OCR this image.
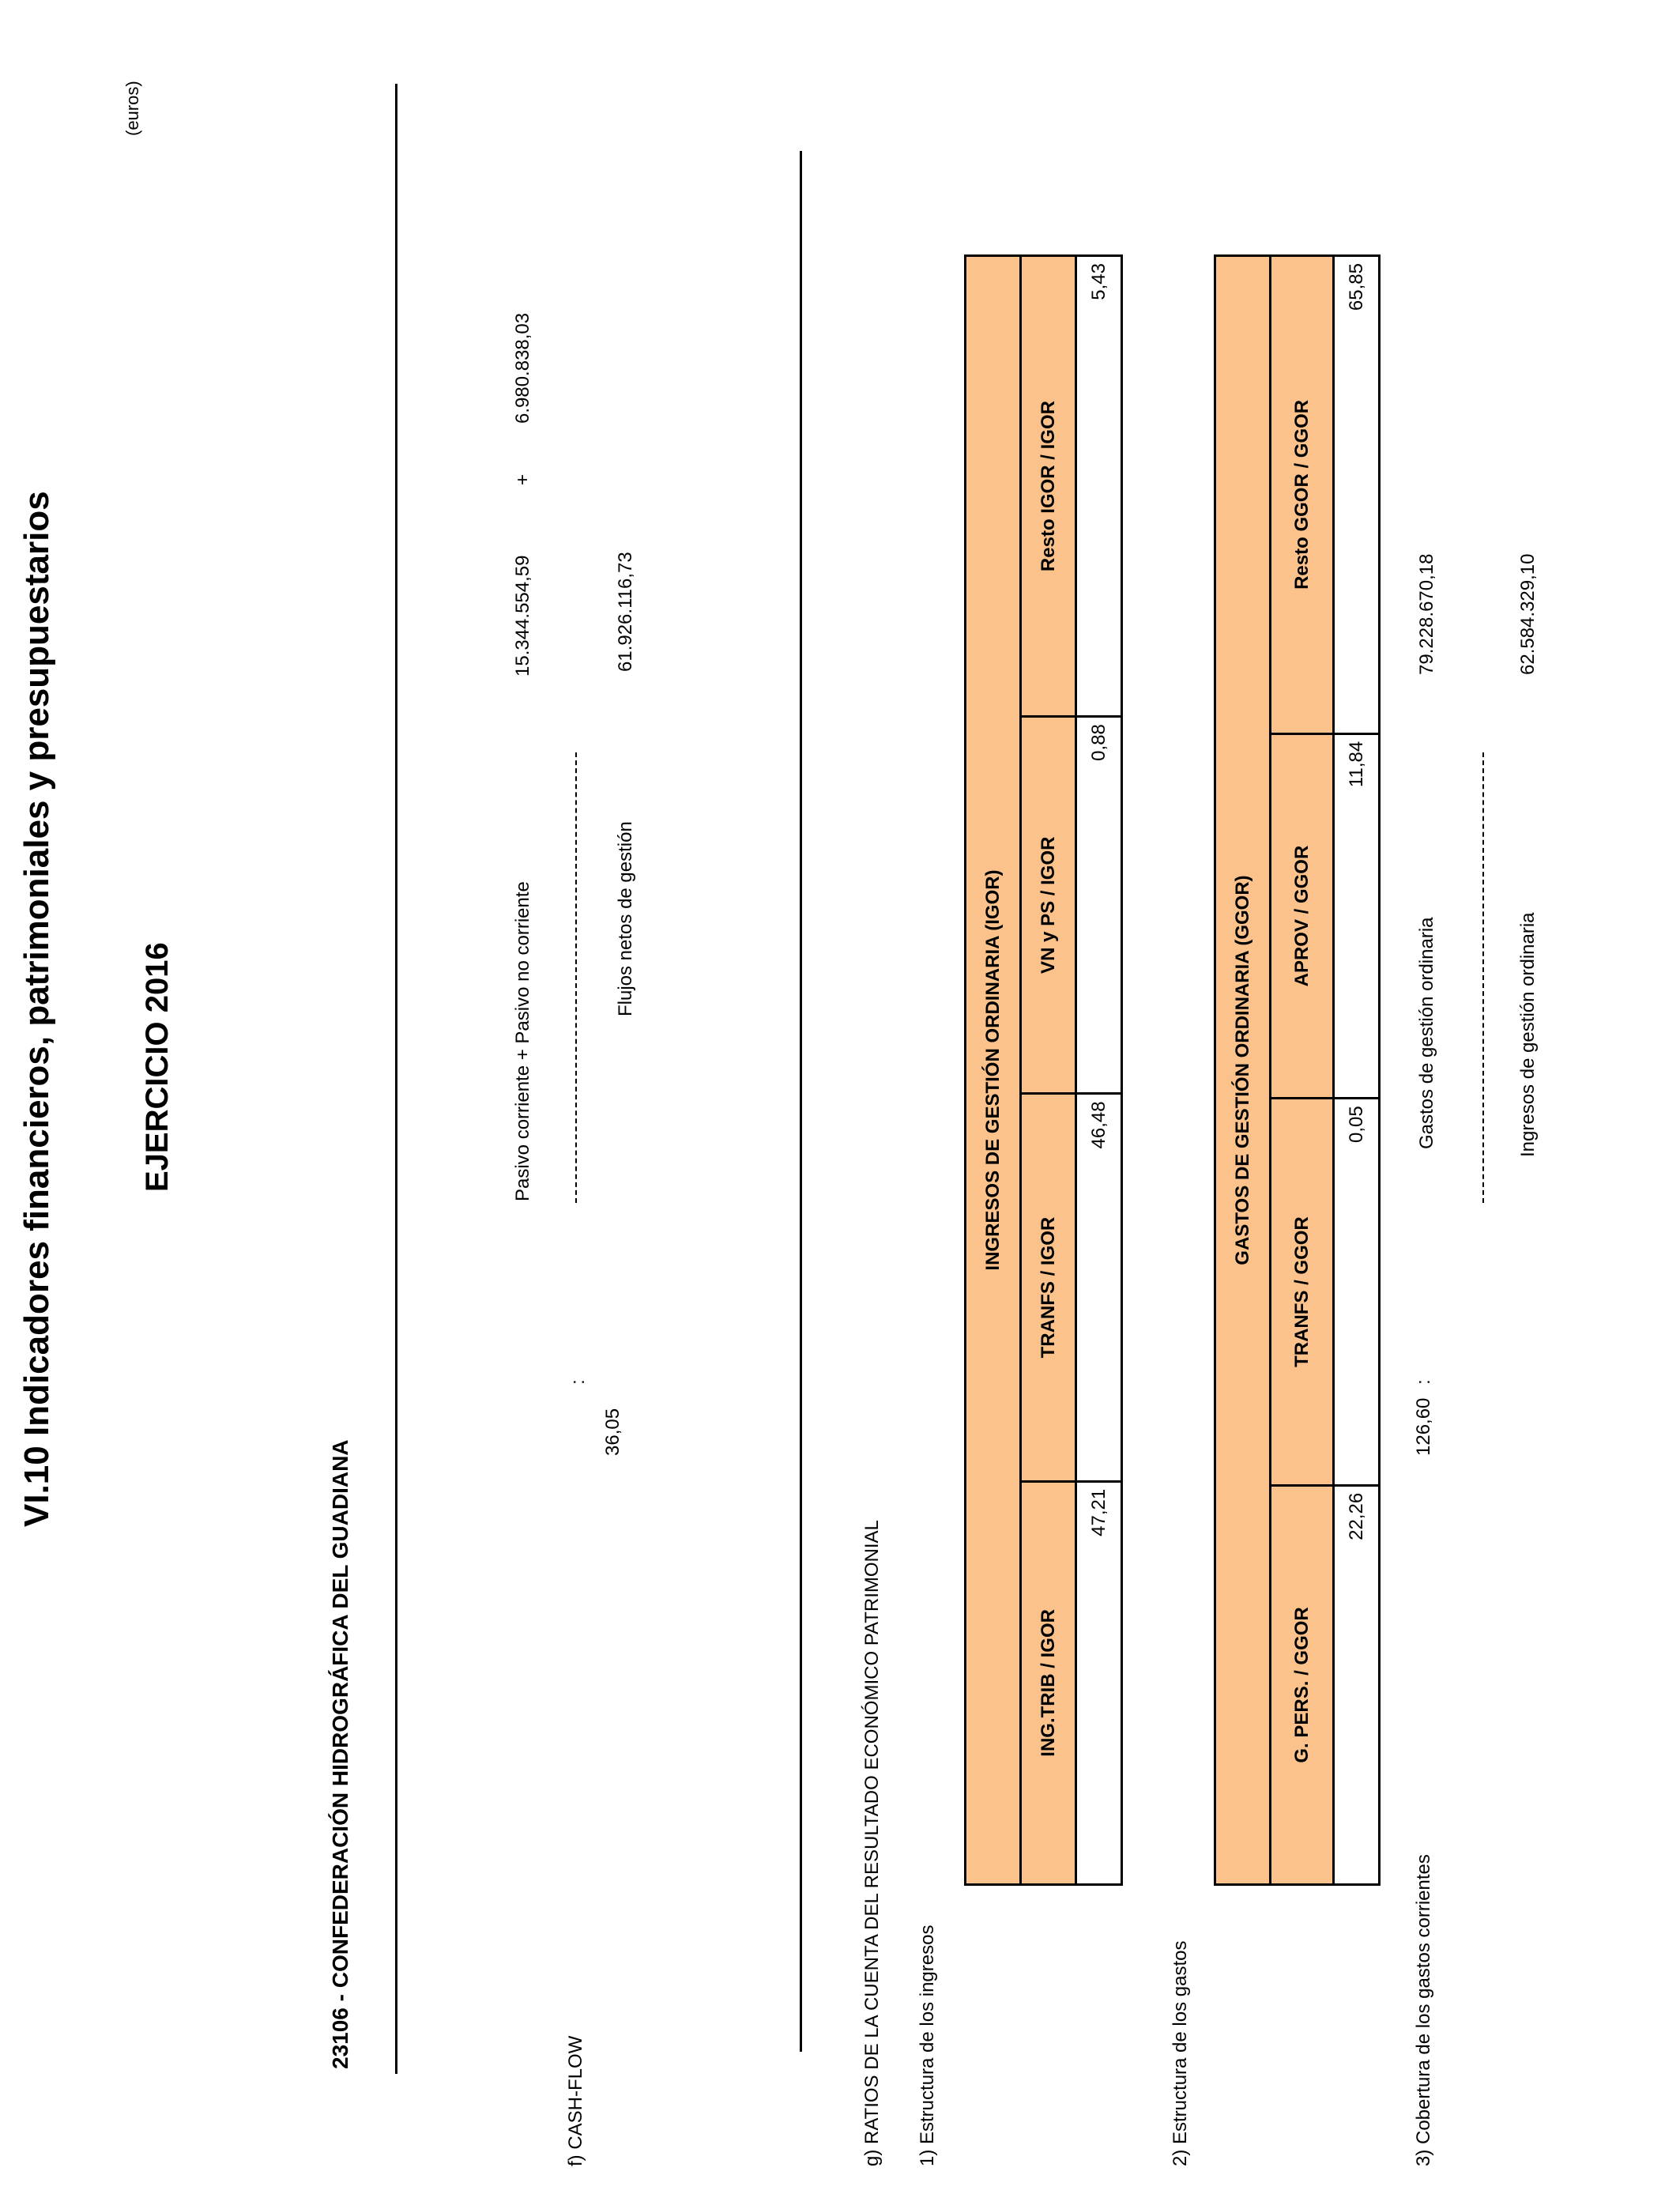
VI.10 Indicadores financieros, patrimoniales y presupuestarios	EJERCICIO 2016
(euros)
23106 - CONFEDERACIÓN HIDROGRÁFICA DEL GUADIANA
f) CASH-FLOW
36,05
:
Pasivo corriente + Pasivo no corriente
15.344.554,59
+
6.980.838,03
Flujos netos de gestión
61.926.116,73
g) RATIOS DE LA CUENTA DEL RESULTADO ECONÓMICO PATRIMONIAL 1) Estructura de los ingresos
INGRESOS DE GESTIÓN ORDINARIA (IGOR)			
ING.TRIB / IGOR	TRANFS / IGOR	VN y PS / IGOR	Resto IGOR / IGOR
47,21	46,48	0,88	5,43
2) Estructura de los gastos
GASTOS DE GESTIÓN ORDINARIA (GGOR)			
G. PERS. / GGOR	TRANFS / GGOR	APROV / GGOR	Resto GGOR / GGOR
22,26	0,05	11,84	65,85
3) Cobertura de los gastos corrientes
126,60
:
Gastos de gestión ordinaria
79.228.670,18
Ingresos de gestión ordinaria
62.584.329,10
